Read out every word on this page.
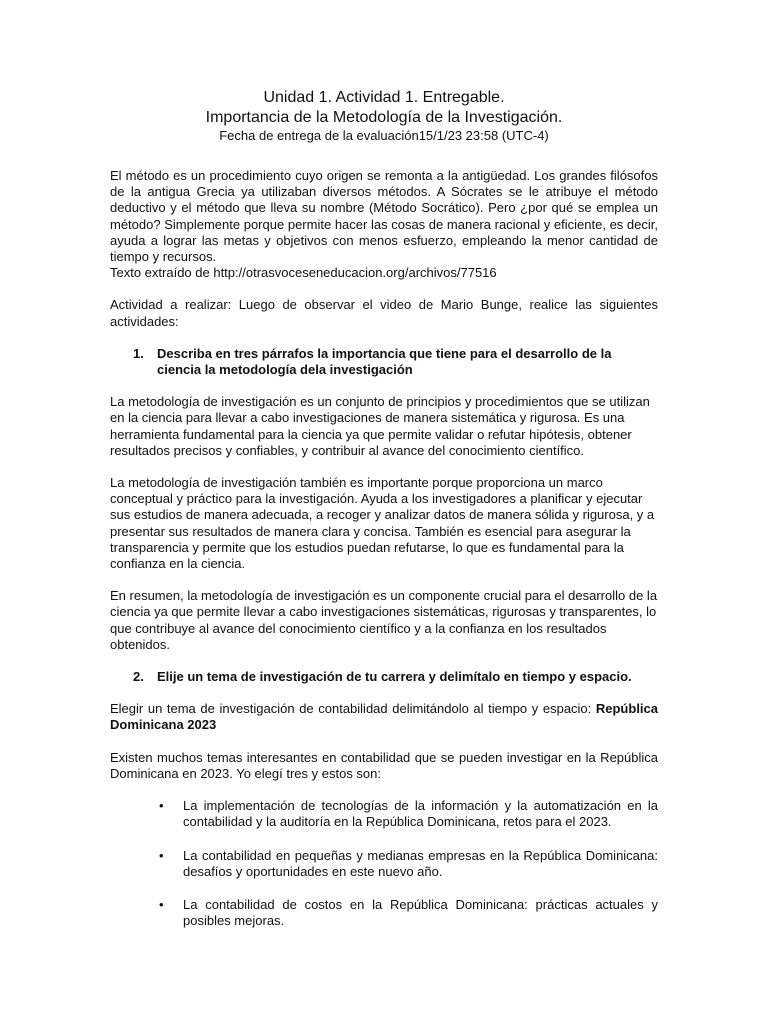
Unidad 1. Actividad 1. Entregable.
Importancia de la Metodología de la Investigación.
Fecha de entrega de la evaluación15/1/23 23:58 (UTC-4)

El método es un procedimiento cuyo origen se remonta a la antigüedad. Los grandes filósofos de la antigua Grecia ya utilizaban diversos métodos. A Sócrates se le atribuye el método deductivo y el método que lleva su nombre (Método Socrático). Pero ¿por qué se emplea un método? Simplemente porque permite hacer las cosas de manera racional y eficiente, es decir, ayuda a lograr las metas y objetivos con menos esfuerzo, empleando la menor cantidad de tiempo y recursos.

Texto extraído de http://otrasvoceseneducacion.org/archivos/77516

Actividad a realizar: Luego de observar el video de Mario Bunge, realice las siguientes actividades:

1. Describa en tres párrafos la importancia que tiene para el desarrollo de la ciencia la metodología dela investigación

La metodología de investigación es un conjunto de principios y procedimientos que se utilizan en la ciencia para llevar a cabo investigaciones de manera sistemática y rigurosa. Es una herramienta fundamental para la ciencia ya que permite validar o refutar hipótesis, obtener resultados precisos y confiables, y contribuir al avance del conocimiento científico.

La metodología de investigación también es importante porque proporciona un marco conceptual y práctico para la investigación. Ayuda a los investigadores a planificar y ejecutar sus estudios de manera adecuada, a recoger y analizar datos de manera sólida y rigurosa, y a presentar sus resultados de manera clara y concisa. También es esencial para asegurar la transparencia y permite que los estudios puedan refutarse, lo que es fundamental para la confianza en la ciencia.

En resumen, la metodología de investigación es un componente crucial para el desarrollo de la ciencia ya que permite llevar a cabo investigaciones sistemáticas, rigurosas y transparentes, lo que contribuye al avance del conocimiento científico y a la confianza en los resultados obtenidos.

2. Elije un tema de investigación de tu carrera y delimítalo en tiempo y espacio.

Elegir un tema de investigación de contabilidad delimitándolo al tiempo y espacio: República Dominicana 2023

Existen muchos temas interesantes en contabilidad que se pueden investigar en la República Dominicana en 2023. Yo elegí tres y estos son:

• La implementación de tecnologías de la información y la automatización en la contabilidad y la auditoría en la República Dominicana, retos para el 2023.
• La contabilidad en pequeñas y medianas empresas en la República Dominicana: desafíos y oportunidades en este nuevo año.
• La contabilidad de costos en la República Dominicana: prácticas actuales y posibles mejoras.
